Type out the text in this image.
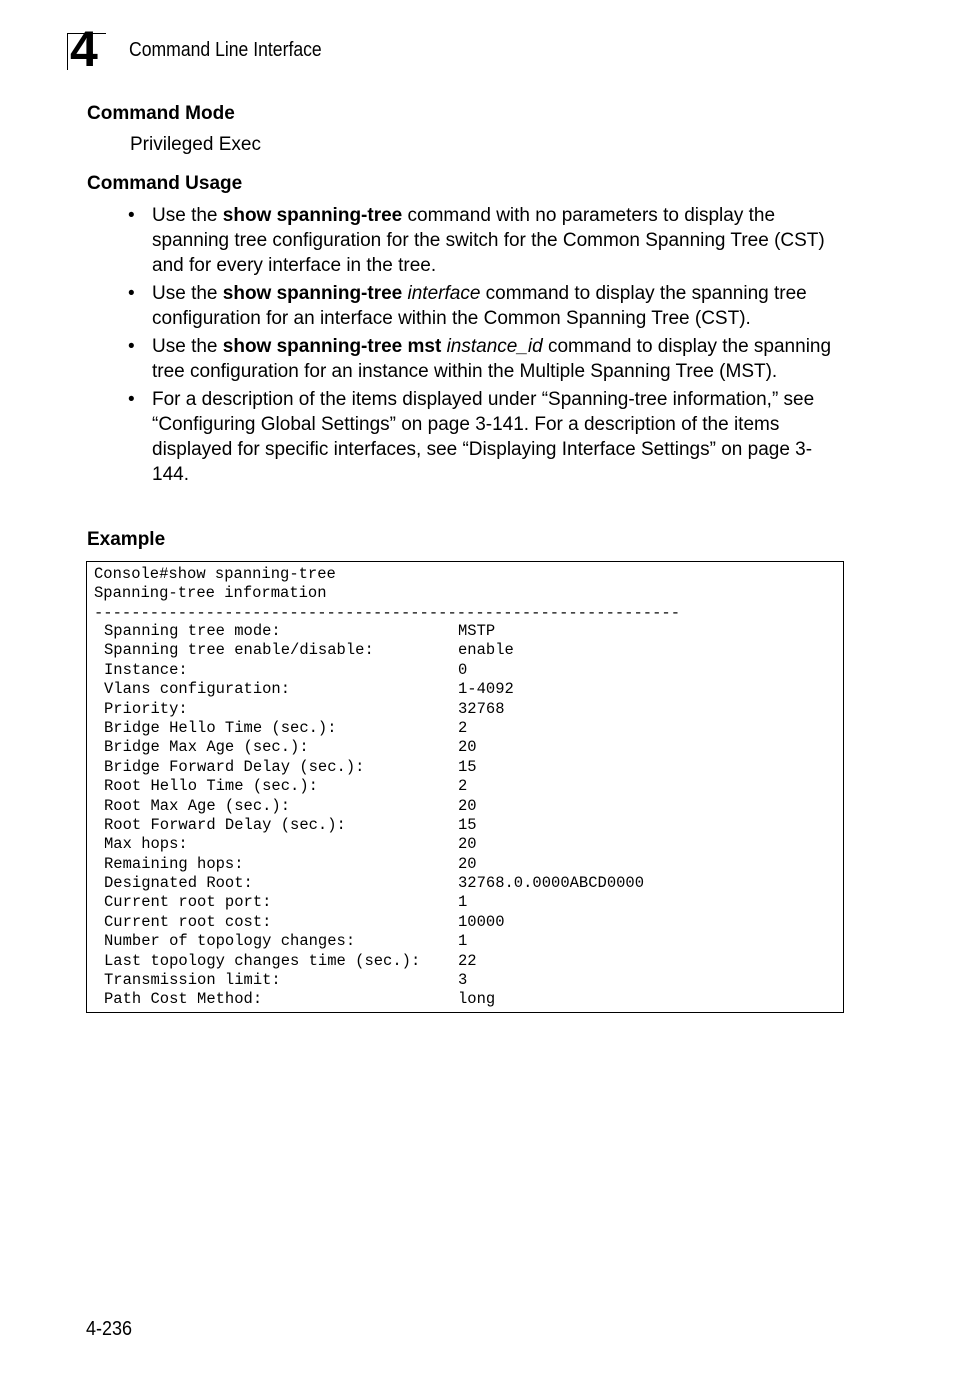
4 Command Line Interface
Command Mode
Privileged Exec
Command Usage
• Use the show spanning-tree command with no parameters to display the spanning tree configuration for the switch for the Common Spanning Tree (CST) and for every interface in the tree.
• Use the show spanning-tree interface command to display the spanning tree configuration for an interface within the Common Spanning Tree (CST).
• Use the show spanning-tree mst instance_id command to display the spanning tree configuration for an instance within the Multiple Spanning Tree (MST).
• For a description of the items displayed under “Spanning-tree information,” see “Configuring Global Settings” on page 3-141. For a description of the items displayed for specific interfaces, see “Displaying Interface Settings” on page 3-144.
Example
Console#show spanning-tree
Spanning-tree information
---------------------------------------------------------------
Spanning tree mode:	MSTP
Spanning tree enable/disable:	enable
Instance:	0
Vlans configuration:	1-4092
Priority:	32768
Bridge Hello Time (sec.):	2
Bridge Max Age (sec.):	20
Bridge Forward Delay (sec.):	15
Root Hello Time (sec.):	2
Root Max Age (sec.):	20
Root Forward Delay (sec.):	15
Max hops:	20
Remaining hops:	20
Designated Root:	32768.0.0000ABCD0000
Current root port:	1
Current root cost:	10000
Number of topology changes:	1
Last topology changes time (sec.): 22
Transmission limit:	3
Path Cost Method:	long
4-236
